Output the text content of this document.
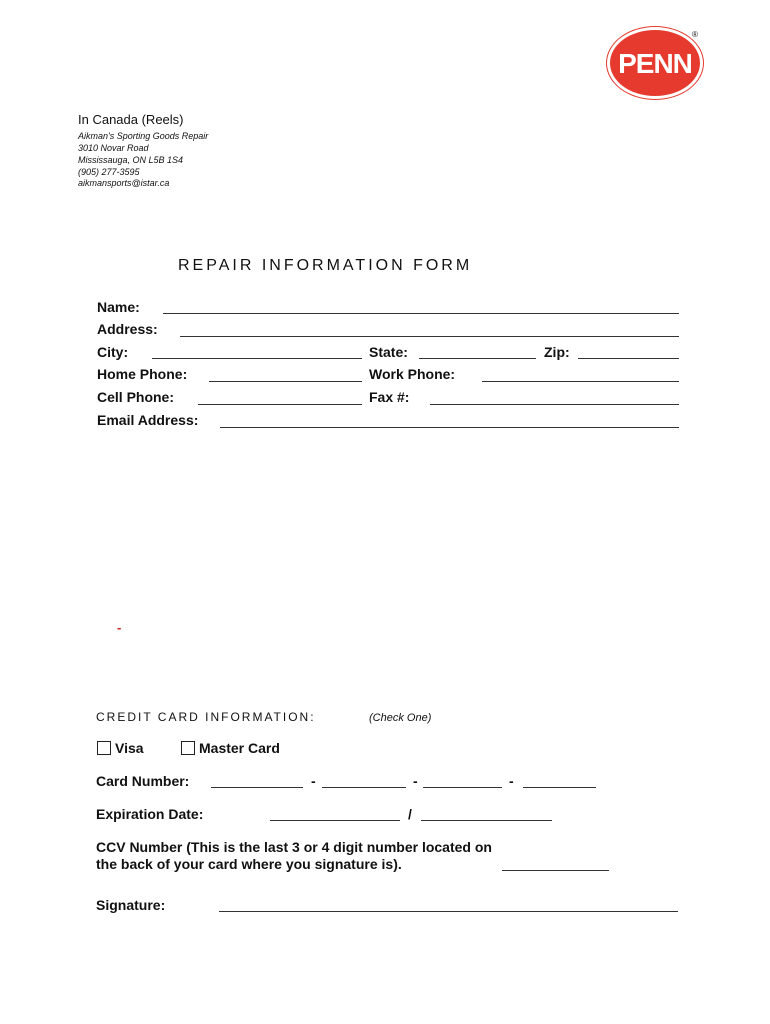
PENN
®
In Canada (Reels)
Aikman's Sporting Goods Repair
3010 Novar Road
Mississauga, ON L5B 1S4
(905) 277-3595
aikmansports@istar.ca
REPAIR INFORMATION FORM
Name:
Address:
City:	State:	Zip:
Home Phone:	Work Phone:
Cell Phone:	Fax #:
Email Address:
-
CREDIT CARD INFORMATION:	(Check One)
Visa	Master Card
Card Number:	-	-	-
Expiration Date:	/
CCV Number (This is the last 3 or 4 digit number located on
the back of your card where you signature is).
Signature:
